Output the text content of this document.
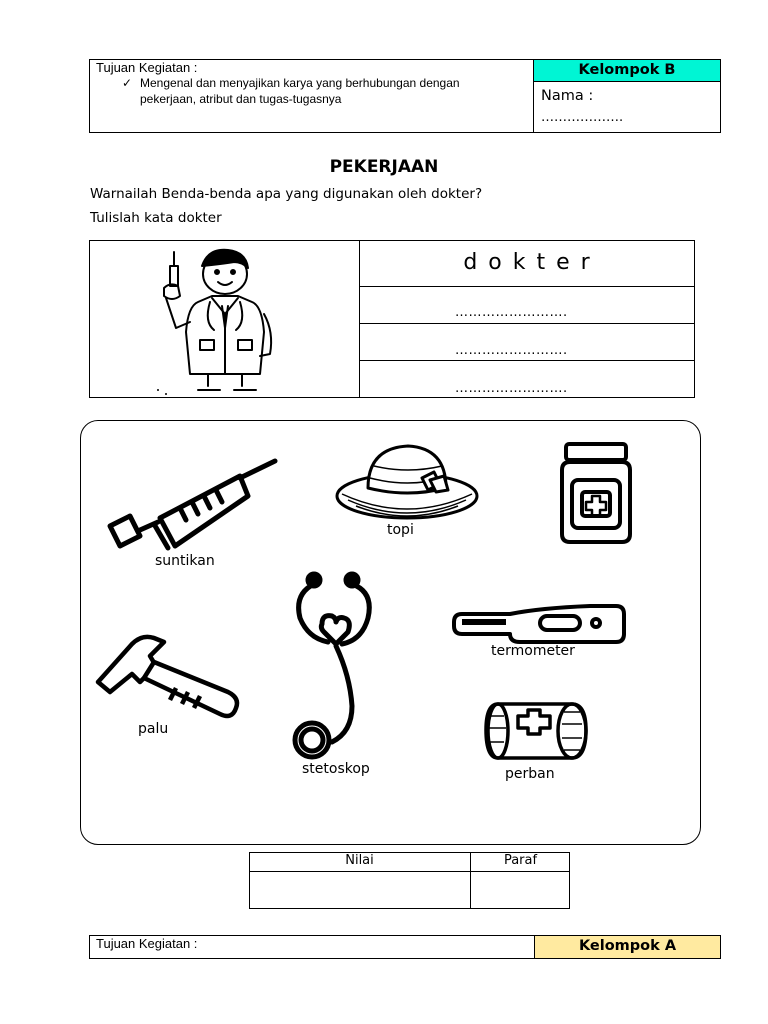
Tujuan Kegiatan :
✓ Mengenal dan menyajikan karya yang berhubungan dengan
pekerjaan, atribut dan tugas-tugasnya
Kelompok B
Nama :
……………….
PEKERJAAN
Warnailah Benda-benda apa yang digunakan oleh dokter?
Tulislah kata dokter
d o k t e r
…………………….
…………………….
…………………….
suntikan
topi
stetoskop
termometer
palu
perban
Nilai	Paraf
Tujuan Kegiatan :	Kelompok A
